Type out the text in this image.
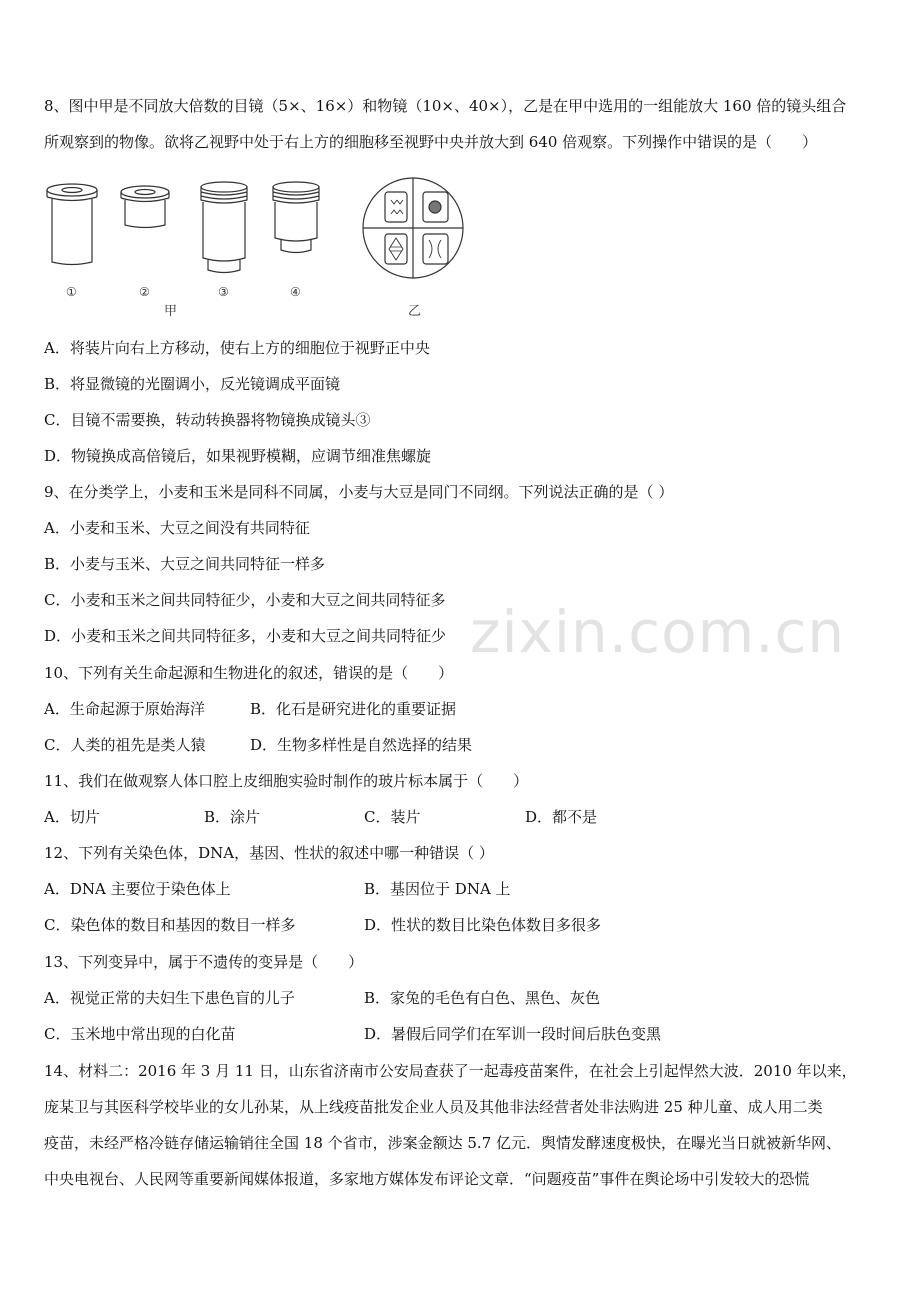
zixin.com.cn
8、图中甲是不同放大倍数的目镜（5×、16×）和物镜（10×、40×），乙是在甲中选用的一组能放大 160 倍的镜头组合
所观察到的物像。欲将乙视野中处于右上方的细胞移至视野中央并放大到 640 倍观察。下列操作中错误的是（　　）
①	②	③	④
甲	乙
A．将装片向右上方移动，使右上方的细胞位于视野正中央
B．将显微镜的光圈调小，反光镜调成平面镜
C．目镜不需要换，转动转换器将物镜换成镜头③
D．物镜换成高倍镜后，如果视野模糊，应调节细准焦螺旋
9、在分类学上，小麦和玉米是同科不同属，小麦与大豆是同门不同纲。下列说法正确的是（ ）
A．小麦和玉米、大豆之间没有共同特征
B．小麦与玉米、大豆之间共同特征一样多
C．小麦和玉米之间共同特征少，小麦和大豆之间共同特征多
D．小麦和玉米之间共同特征多，小麦和大豆之间共同特征少
10、下列有关生命起源和生物进化的叙述，错误的是（　　）
A．生命起源于原始海洋	B．化石是研究进化的重要证据
C．人类的祖先是类人猿	D．生物多样性是自然选择的结果
11、我们在做观察人体口腔上皮细胞实验时制作的玻片标本属于（　　）
A．切片	B．涂片	C．装片	D．都不是
12、下列有关染色体，DNA，基因、性状的叙述中哪一种错误（ ）
A．DNA 主要位于染色体上	B．基因位于 DNA 上
C．染色体的数目和基因的数目一样多	D．性状的数目比染色体数目多很多
13、下列变异中，属于不遗传的变异是（　　）
A．视觉正常的夫妇生下患色盲的儿子	B．家兔的毛色有白色、黑色、灰色
C．玉米地中常出现的白化苗	D．暑假后同学们在军训一段时间后肤色变黑
14、材料二：2016 年 3 月 11 日，山东省济南市公安局查获了一起毒疫苗案件，在社会上引起悍然大波．2010 年以来，
庞某卫与其医科学校毕业的女儿孙某，从上线疫苗批发企业人员及其他非法经营者处非法购进 25 种儿童、成人用二类
疫苗，未经严格冷链存储运输销往全国 18 个省市，涉案金额达 5.7 亿元．舆情发酵速度极快，在曝光当日就被新华网、
中央电视台、人民网等重要新闻媒体报道，多家地方媒体发布评论文章．“问题疫苗”事件在舆论场中引发较大的恐慌
